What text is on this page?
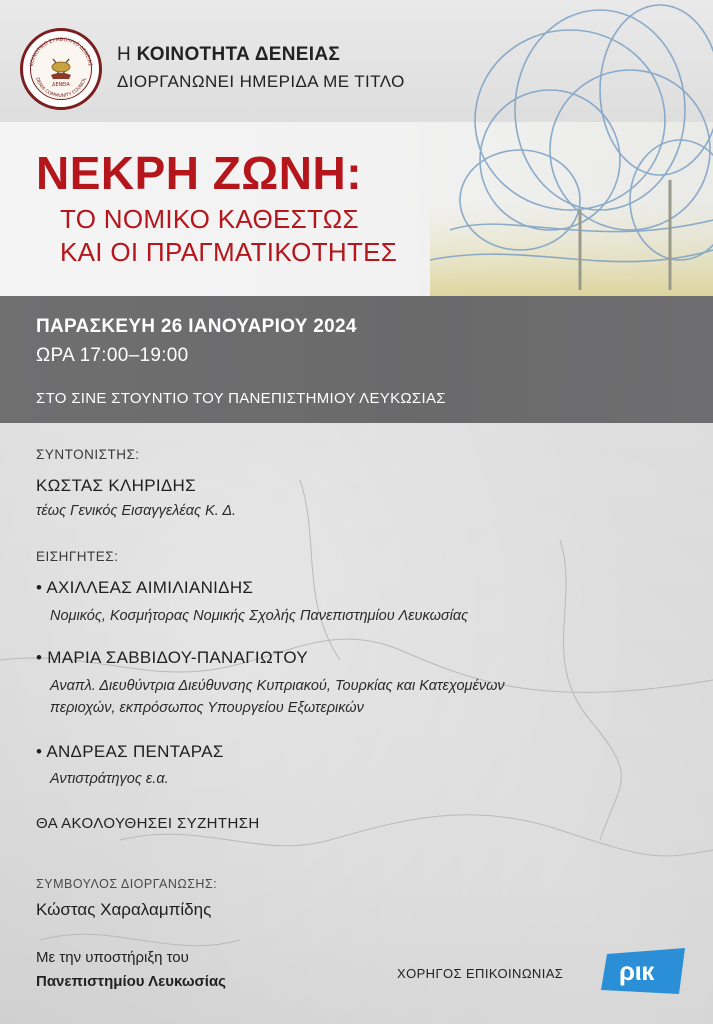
ΚΟΙΝΟΤΙΚΟ ΣΥΜΒΟΥΛΙΟ ΔΕΝΕΙΑΣ
DENIA COMMUNITY COUNCIL
ΔΕΝΕΙΑ
Η ΚΟΙΝΟΤΗΤΑ ΔΕΝΕΙΑΣ
ΔΙΟΡΓΑΝΩΝΕΙ ΗΜΕΡΙΔΑ ΜΕ ΤΙΤΛΟ
ΝΕΚΡΗ ΖΩΝΗ:
ΤΟ ΝΟΜΙΚΟ ΚΑΘΕΣΤΩΣ
ΚΑΙ ΟΙ ΠΡΑΓΜΑΤΙΚΟΤΗΤΕΣ
ΠΑΡΑΣΚΕΥΗ 26 ΙΑΝΟΥΑΡΙΟΥ 2024
ΩΡΑ 17:00–19:00
ΣΤΟ ΣΙΝΕ ΣΤΟΥΝΤΙΟ ΤΟΥ ΠΑΝΕΠΙΣΤΗΜΙΟΥ ΛΕΥΚΩΣΙΑΣ
ΣΥΝΤΟΝΙΣΤΗΣ:
ΚΩΣΤΑΣ ΚΛΗΡΙΔΗΣ
τέως Γενικός Εισαγγελέας Κ. Δ.
ΕΙΣΗΓΗΤΕΣ:
• ΑΧΙΛΛΕΑΣ ΑΙΜΙΛΙΑΝΙΔΗΣ
Νομικός, Κοσμήτορας Νομικής Σχολής Πανεπιστημίου Λευκωσίας
• ΜΑΡΙΑ ΣΑΒΒΙΔΟΥ-ΠΑΝΑΓΙΩΤΟΥ
Αναπλ. Διευθύντρια Διεύθυνσης Κυπριακού, Τουρκίας και Κατεχομένων
περιοχών, εκπρόσωπος Υπουργείου Εξωτερικών
• ΑΝΔΡΕΑΣ ΠΕΝΤΑΡΑΣ
Αντιστράτηγος ε.α.
ΘΑ ΑΚΟΛΟΥΘΗΣΕΙ ΣΥΖΗΤΗΣΗ
ΣΥΜΒΟΥΛΟΣ ΔΙΟΡΓΑΝΩΣΗΣ:
Κώστας Χαραλαμπίδης
Με την υποστήριξη του
Πανεπιστημίου Λευκωσίας	ΧΟΡΗΓΟΣ ΕΠΙΚΟΙΝΩΝΙΑΣ ριк
